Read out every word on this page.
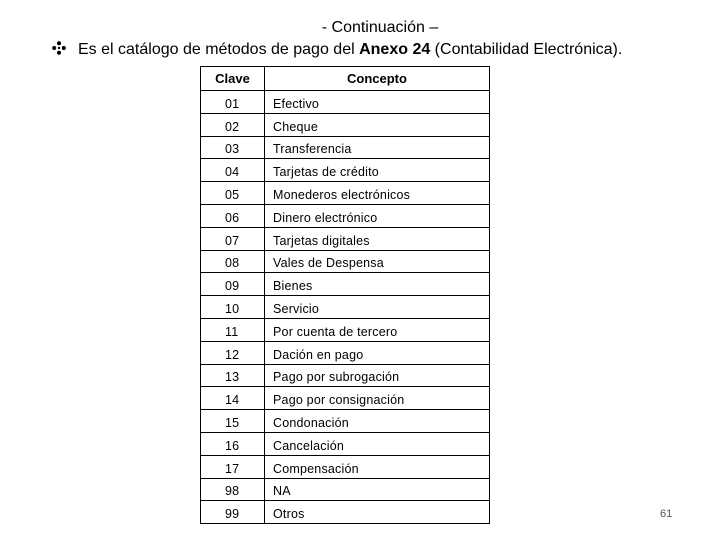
- Continuación –
Es el catálogo de métodos de pago del Anexo 24 (Contabilidad Electrónica).
Clave	Concepto
01	Efectivo
02	Cheque
03	Transferencia
04	Tarjetas de crédito
05	Monederos electrónicos
06	Dinero electrónico
07	Tarjetas digitales
08	Vales de Despensa
09	Bienes
10	Servicio
11	Por cuenta de tercero
12	Dación en pago
13	Pago por subrogación
14	Pago por consignación
15	Condonación
16	Cancelación
17	Compensación
98	NA
99	Otros	61
